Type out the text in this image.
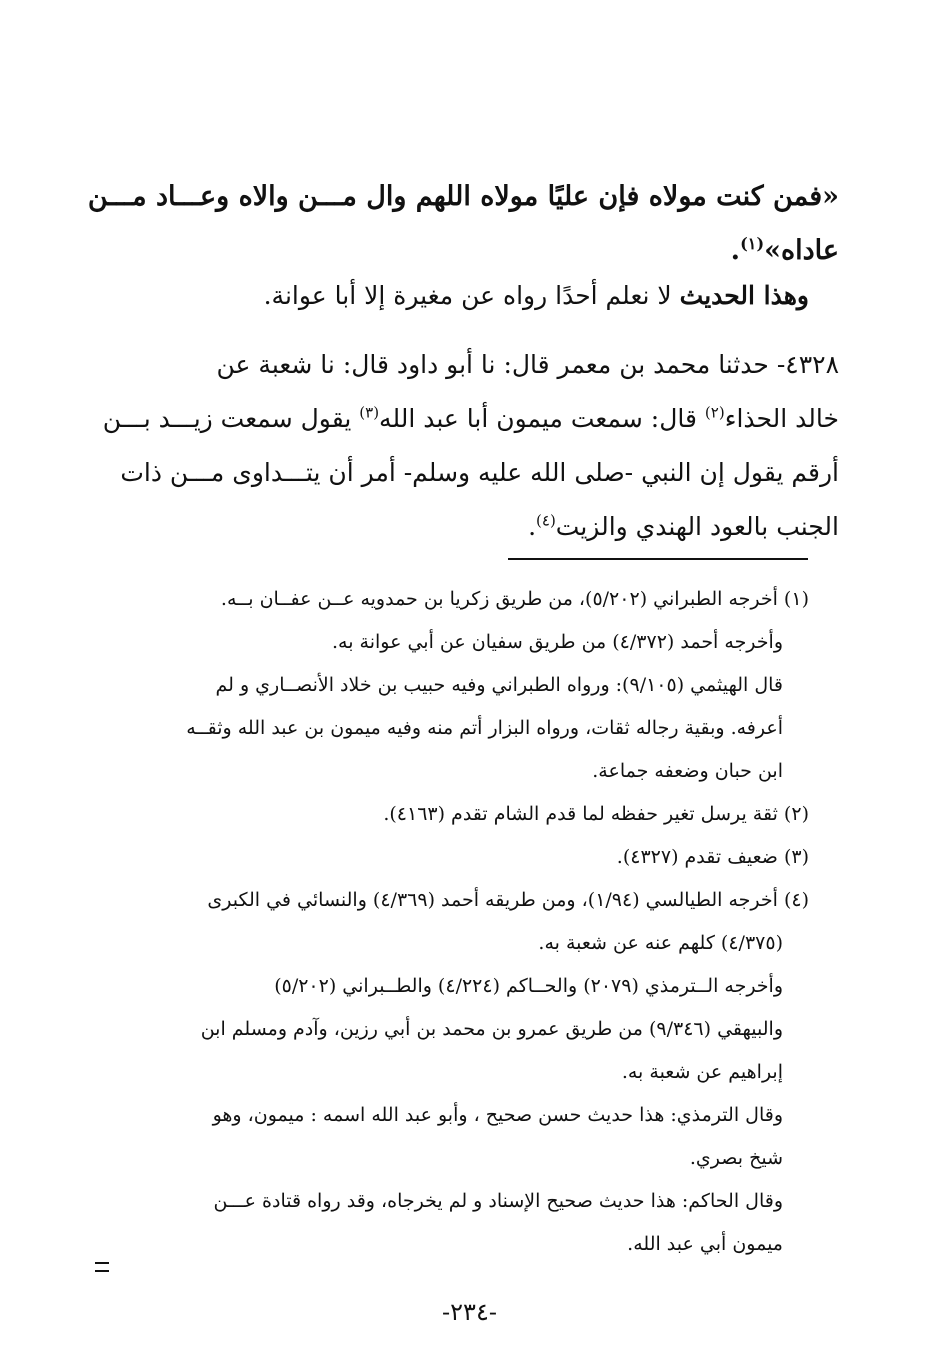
«فمن كنت مولاه فإن عليًا مولاه اللهم وال مـــن والاه وعـــاد مـــن
عاداه»$^{(١)}$.
وهذا الحديث لا نعلم أحدًا رواه عن مغيرة إلا أبا عوانة.
٤٣٢٨- حدثنا محمد بن معمر قال: نا أبو داود قال: نا شعبة عن
خالد الحذاء$^{(٢)}$ قال: سمعت ميمون أبا عبد الله$^{(٣)}$ يقول سمعت زيـــد بـــن
أرقم يقول إن النبي -صلى الله عليه وسلم- أمر أن يتـــداوى مـــن ذات
الجنب بالعود الهندي والزيت$^{(٤)}$.
(١) أخرجه الطبراني (٥/٢٠٢)، من طريق زكريا بن حمدويه عــن عفــان بــه.
وأخرجه أحمد (٤/٣٧٢) من طريق سفيان عن أبي عوانة به.
قال الهيثمي (٩/١٠٥): ورواه الطبراني وفيه حبيب بن خلاد الأنصــاري و لم
أعرفه. وبقية رجاله ثقات، ورواه البزار أتم منه وفيه ميمون بن عبد الله وثقــه
ابن حبان وضعفه جماعة.
(٢) ثقة يرسل تغير حفظه لما قدم الشام تقدم (٤١٦٣).
(٣) ضعيف تقدم (٤٣٢٧).
(٤) أخرجه الطيالسي (١/٩٤)، ومن طريقه أحمد (٤/٣٦٩) والنسائي في الكبرى
(٤/٣٧٥) كلهم عنه عن شعبة به.
وأخرجه الــترمذي (٢٠٧٩) والحــاكم (٤/٢٢٤) والطــبراني (٥/٢٠٢)
والبيهقي (٩/٣٤٦) من طريق عمرو بن محمد بن أبي رزين، وآدم ومسلم ابن
إبراهيم عن شعبة به.
وقال الترمذي: هذا حديث حسن صحيح ، وأبو عبد الله اسمه : ميمون، وهو
شيخ بصري.
وقال الحاكم: هذا حديث صحيح الإسناد و لم يخرجاه، وقد رواه قتادة عـــن
ميمون أبي عبد الله.
-٢٣٤-
